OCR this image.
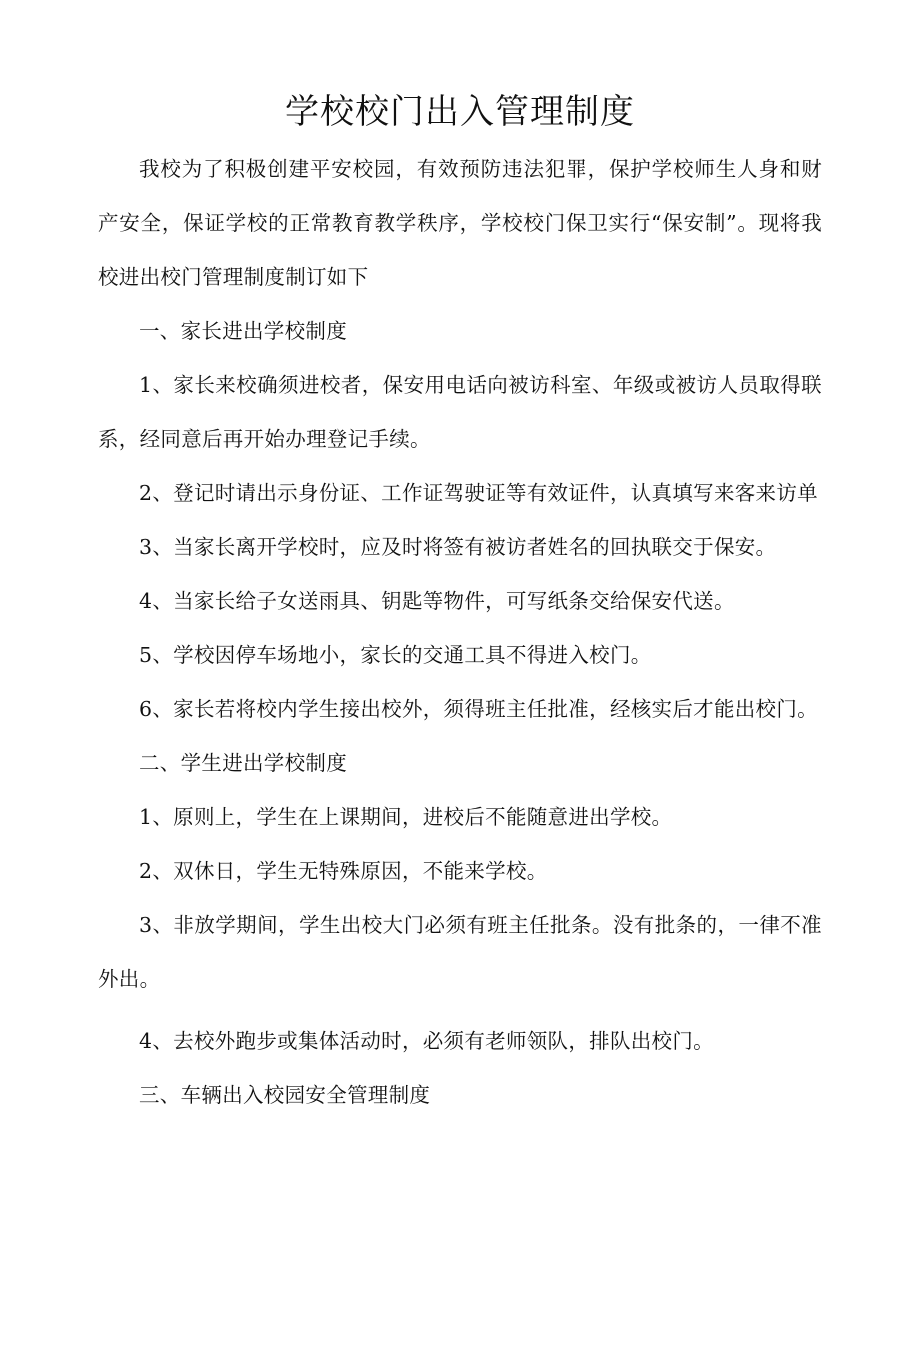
学校校门出入管理制度

我校为了积极创建平安校园，有效预防违法犯罪，保护学校师生人身和财产安全，保证学校的正常教育教学秩序，学校校门保卫实行“保安制”。现将我校进出校门管理制度制订如下

一、家长进出学校制度

1、家长来校确须进校者，保安用电话向被访科室、年级或被访人员取得联系，经同意后再开始办理登记手续。

2、登记时请出示身份证、工作证驾驶证等有效证件，认真填写来客来访单

3、当家长离开学校时，应及时将签有被访者姓名的回执联交于保安。

4、当家长给子女送雨具、钥匙等物件，可写纸条交给保安代送。

5、学校因停车场地小，家长的交通工具不得进入校门。

6、家长若将校内学生接出校外，须得班主任批准，经核实后才能出校门。

二、学生进出学校制度

1、原则上，学生在上课期间，进校后不能随意进出学校。

2、双休日，学生无特殊原因，不能来学校。

3、非放学期间，学生出校大门必须有班主任批条。没有批条的，一律不准外出。

4、去校外跑步或集体活动时，必须有老师领队，排队出校门。

三、车辆出入校园安全管理制度
